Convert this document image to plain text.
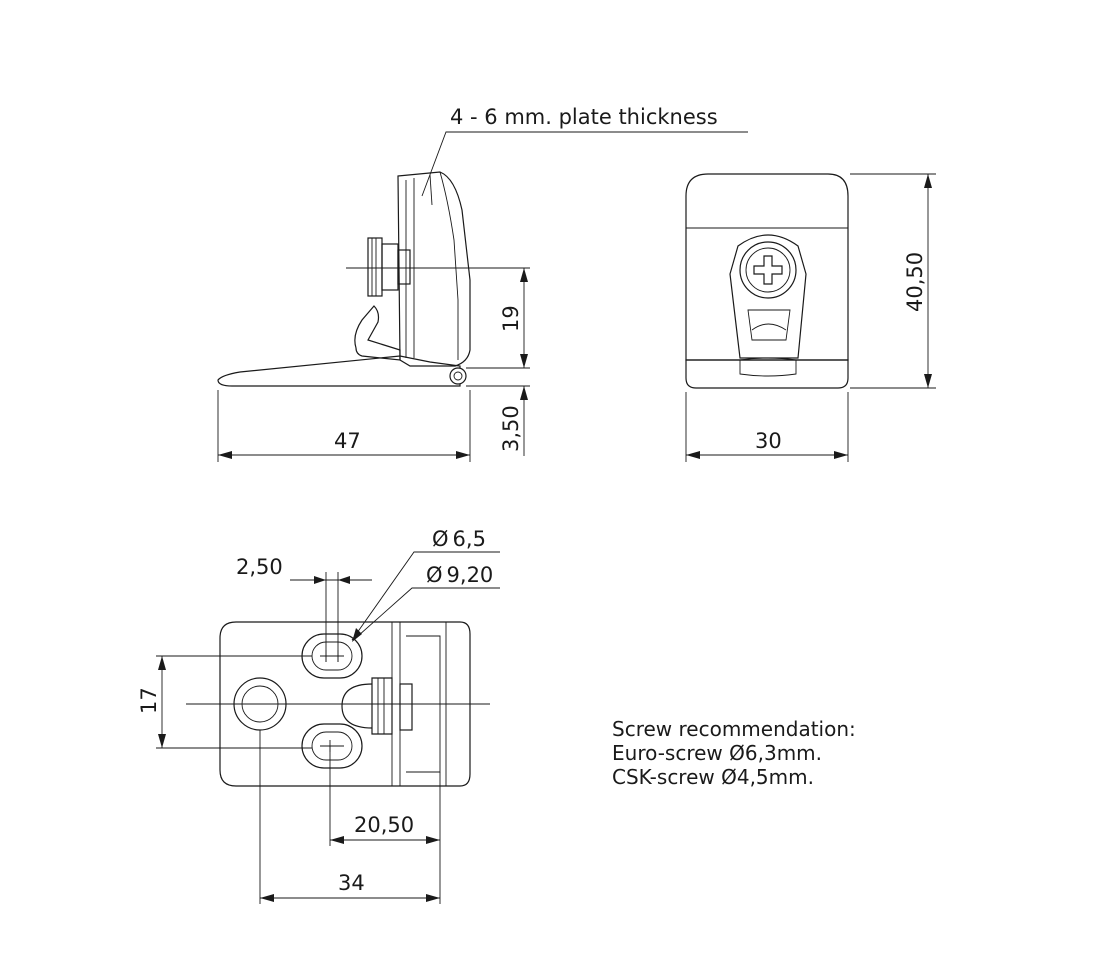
4 - 6 mm. plate thickness
19
3,50
47
40,50
30
2,50
Ø 6,5
Ø 9,20
17
20,50
34
Screw recommendation:
Euro-screw Ø6,3mm.
CSK-screw Ø4,5mm.
